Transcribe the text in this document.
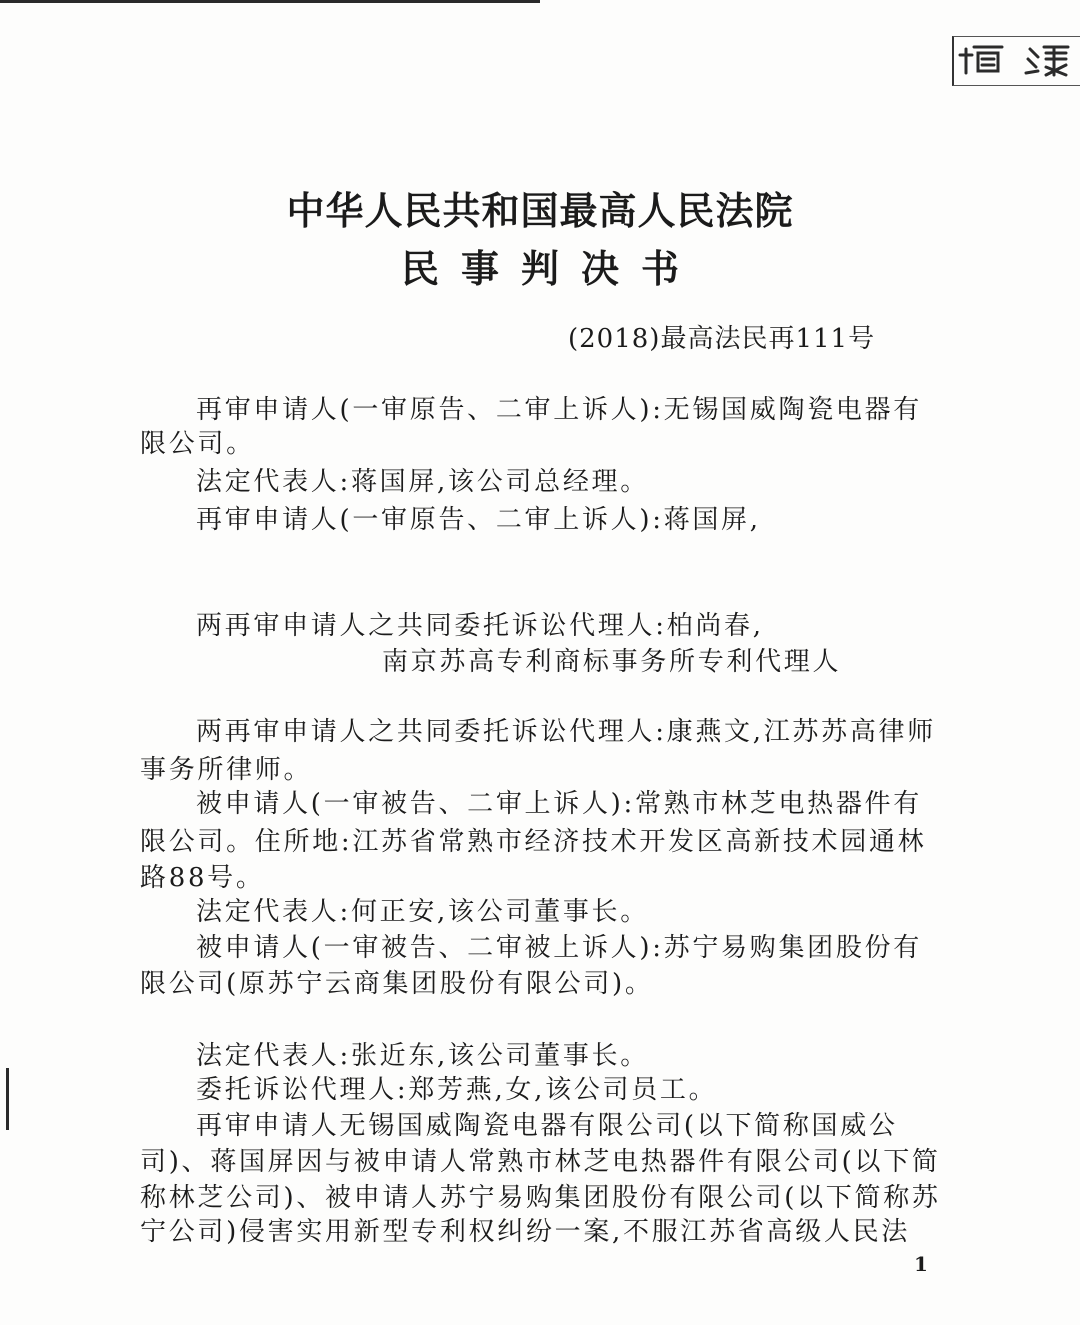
中华人民共和国最高人民法院
民事判决书
(2018)最高法民再111号
再审申请人(一审原告、二审上诉人):无锡国威陶瓷电器有
限公司。
法定代表人:蒋国屏,该公司总经理。
再审申请人(一审原告、二审上诉人):蒋国屏,
两再审申请人之共同委托诉讼代理人:柏尚春,
南京苏高专利商标事务所专利代理人
两再审申请人之共同委托诉讼代理人:康燕文,江苏苏高律师
事务所律师。
被申请人(一审被告、二审上诉人):常熟市林芝电热器件有
限公司。住所地:江苏省常熟市经济技术开发区高新技术园通林
路88号。
法定代表人:何正安,该公司董事长。
被申请人(一审被告、二审被上诉人):苏宁易购集团股份有
限公司(原苏宁云商集团股份有限公司)。
法定代表人:张近东,该公司董事长。
委托诉讼代理人:郑芳燕,女,该公司员工。
再审申请人无锡国威陶瓷电器有限公司(以下简称国威公
司)、蒋国屏因与被申请人常熟市林芝电热器件有限公司(以下简
称林芝公司)、被申请人苏宁易购集团股份有限公司(以下简称苏
宁公司)侵害实用新型专利权纠纷一案,不服江苏省高级人民法
1
